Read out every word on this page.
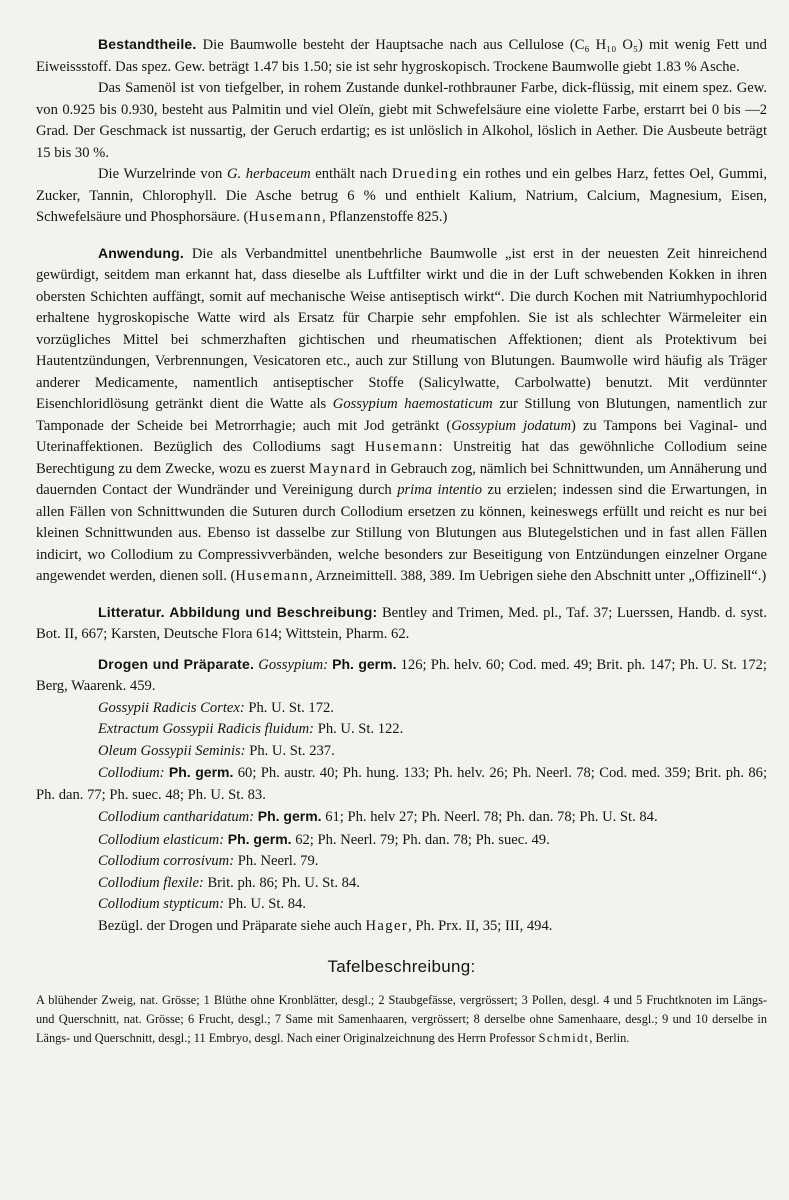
Bestandtheile. Die Baumwolle besteht der Hauptsache nach aus Cellulose (C₆ H₁₀ O₅) mit wenig Fett und Eiweissstoff. Das spez. Gew. beträgt 1.47 bis 1.50; sie ist sehr hygroskopisch. Trockene Baumwolle giebt 1.83 % Asche.

Das Samenöl ist von tiefgelber, in rohem Zustande dunkel-rothbrauner Farbe, dick-flüssig, mit einem spez. Gew. von 0.925 bis 0.930, besteht aus Palmitin und viel Oleïn, giebt mit Schwefelsäure eine violette Farbe, erstarrt bei 0 bis —2 Grad. Der Geschmack ist nussartig, der Geruch erdartig; es ist unlöslich in Alkohol, löslich in Aether. Die Ausbeute beträgt 15 bis 30 %.

Die Wurzelrinde von G. herbaceum enthält nach Drueding ein rothes und ein gelbes Harz, fettes Oel, Gummi, Zucker, Tannin, Chlorophyll. Die Asche betrug 6 % und enthielt Kalium, Natrium, Calcium, Magnesium, Eisen, Schwefelsäure und Phosphorsäure. (Husemann, Pflanzenstoffe 825.)

Anwendung. Die als Verbandmittel unentbehrliche Baumwolle „ist erst in der neuesten Zeit hinreichend gewürdigt, seitdem man erkannt hat, dass dieselbe als Luftfilter wirkt und die in der Luft schwebenden Kokken in ihren obersten Schichten auffängt, somit auf mechanische Weise antiseptisch wirkt“. Die durch Kochen mit Natriumhypochlorid erhaltene hygroskopische Watte wird als Ersatz für Charpie sehr empfohlen. Sie ist als schlechter Wärmeleiter ein vorzügliches Mittel bei schmerzhaften gichtischen und rheumatischen Affektionen; dient als Protektivum bei Hautentzündungen, Verbrennungen, Vesicatoren etc., auch zur Stillung von Blutungen. Baumwolle wird häufig als Träger anderer Medicamente, namentlich antiseptischer Stoffe (Salicylwatte, Carbolwatte) benutzt. Mit verdünnter Eisenchloridlösung getränkt dient die Watte als Gossypium haemostaticum zur Stillung von Blutungen, namentlich zur Tamponade der Scheide bei Metrorrhagie; auch mit Jod getränkt (Gossypium jodatum) zu Tampons bei Vaginal- und Uterinaffektionen. Bezüglich des Collodiums sagt Husemann: Unstreitig hat das gewöhnliche Collodium seine Berechtigung zu dem Zwecke, wozu es zuerst Maynard in Gebrauch zog, nämlich bei Schnittwunden, um Annäherung und dauernden Contact der Wundränder und Vereinigung durch prima intentio zu erzielen; indessen sind die Erwartungen, in allen Fällen von Schnittwunden die Suturen durch Collodium ersetzen zu können, keineswegs erfüllt und reicht es nur bei kleinen Schnittwunden aus. Ebenso ist dasselbe zur Stillung von Blutungen aus Blutegelstichen und in fast allen Fällen indicirt, wo Collodium zu Compressivverbänden, welche besonders zur Beseitigung von Entzündungen einzelner Organe angewendet werden, dienen soll. (Husemann, Arzneimittell. 388, 389. Im Uebrigen siehe den Abschnitt unter „Offizinell“.)

Litteratur. Abbildung und Beschreibung: Bentley and Trimen, Med. pl., Taf. 37; Luerssen, Handb. d. syst. Bot. II, 667; Karsten, Deutsche Flora 614; Wittstein, Pharm. 62.

Drogen und Präparate. Gossypium: Ph. germ. 126; Ph. helv. 60; Cod. med. 49; Brit. ph. 147; Ph. U. St. 172; Berg, Waarenk. 459.

Gossypii Radicis Cortex: Ph. U. St. 172.

Extractum Gossypii Radicis fluidum: Ph. U. St. 122.

Oleum Gossypii Seminis: Ph. U. St. 237.

Collodium: Ph. germ. 60; Ph. austr. 40; Ph. hung. 133; Ph. helv. 26; Ph. Neerl. 78; Cod. med. 359; Brit. ph. 86; Ph. dan. 77; Ph. suec. 48; Ph. U. St. 83.

Collodium cantharidatum: Ph. germ. 61; Ph. helv 27; Ph. Neerl. 78; Ph. dan. 78; Ph. U. St. 84.

Collodium elasticum: Ph. germ. 62; Ph. Neerl. 79; Ph. dan. 78; Ph. suec. 49.

Collodium corrosivum: Ph. Neerl. 79.

Collodium flexile: Brit. ph. 86; Ph. U. St. 84.

Collodium stypticum: Ph. U. St. 84.

Bezügl. der Drogen und Präparate siehe auch Hager, Ph. Prx. II, 35; III, 494.

Tafelbeschreibung:

A blühender Zweig, nat. Grösse; 1 Blüthe ohne Kronblätter, desgl.; 2 Staubgefässe, vergrössert; 3 Pollen, desgl. 4 und 5 Fruchtknoten im Längs- und Querschnitt, nat. Grösse; 6 Frucht, desgl.; 7 Same mit Samenhaaren, vergrössert; 8 derselbe ohne Samenhaare, desgl.; 9 und 10 derselbe in Längs- und Querschnitt, desgl.; 11 Embryo, desgl. Nach einer Originalzeichnung des Herrn Professor Schmidt, Berlin.
